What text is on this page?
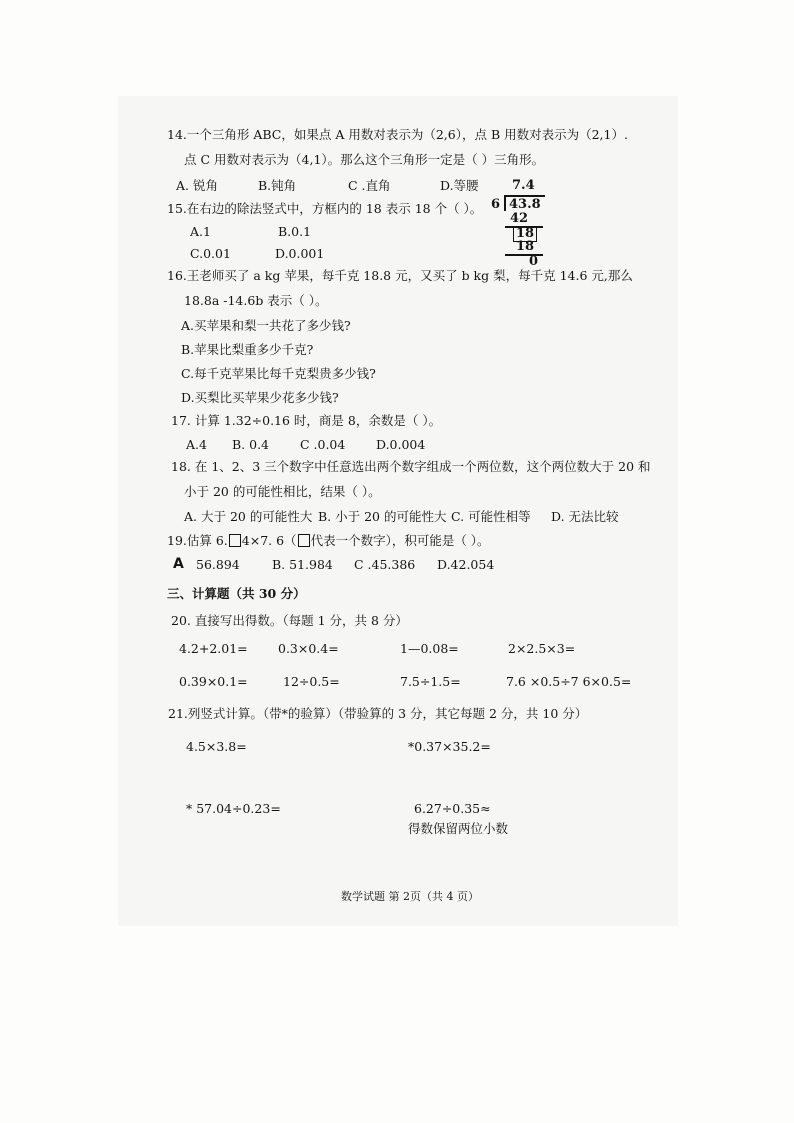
14.一个三角形 ABC，如果点 A 用数对表示为（2,6），点 B 用数对表示为（2,1）.
点 C 用数对表示为（4,1）。那么这个三角形一定是（ ）三角形。
A. 锐角	B.钝角	C .直角	D.等腰
15.在右边的除法竖式中，方框内的 18 表示 18 个（ ）。
A.1	B.0.1
C.0.01	D.0.001
7.4
6 43.8
42
18
18
0
16.王老师买了 a kg 苹果，每千克 18.8 元，又买了 b kg 梨，每千克 14.6 元,那么
18.8a -14.6b 表示（ ）。
A.买苹果和梨一共花了多少钱?
B.苹果比梨重多少千克?
C.每千克苹果比每千克梨贵多少钱?
D.买梨比买苹果少花多少钱?
17. 计算 1.32÷0.16 时，商是 8，余数是（ ）。
A.4 B. 0.4 C .0.04 D.0.004
18. 在 1、2、3 三个数字中任意选出两个数字组成一个两位数，这个两位数大于 20 和
小于 20 的可能性相比，结果（ ）。
A. 大于 20 的可能性大 B. 小于 20 的可能性大 C. 可能性相等 D. 无法比较
19.估算 6. 4×7. 6（ 代表一个数字），积可能是（ ）。
A 56.894	B. 51.984 C .45.386 D.42.054
三、计算题（共 30 分）
20. 直接写出得数。（每题 1 分，共 8 分）
4.2+2.01= 0.3×0.4=	1—0.08=	2×2.5×3=
0.39×0.1=	12÷0.5=	7.5÷1.5=	7.6 ×0.5÷7 6×0.5=
21.列竖式计算。（带*的验算）（带验算的 3 分，其它每题 2 分，共 10 分）
4.5×3.8=	*0.37×35.2=
* 57.04÷0.23=	6.27÷0.35≈
得数保留两位小数
数学试题 第 2页（共 4 页）
